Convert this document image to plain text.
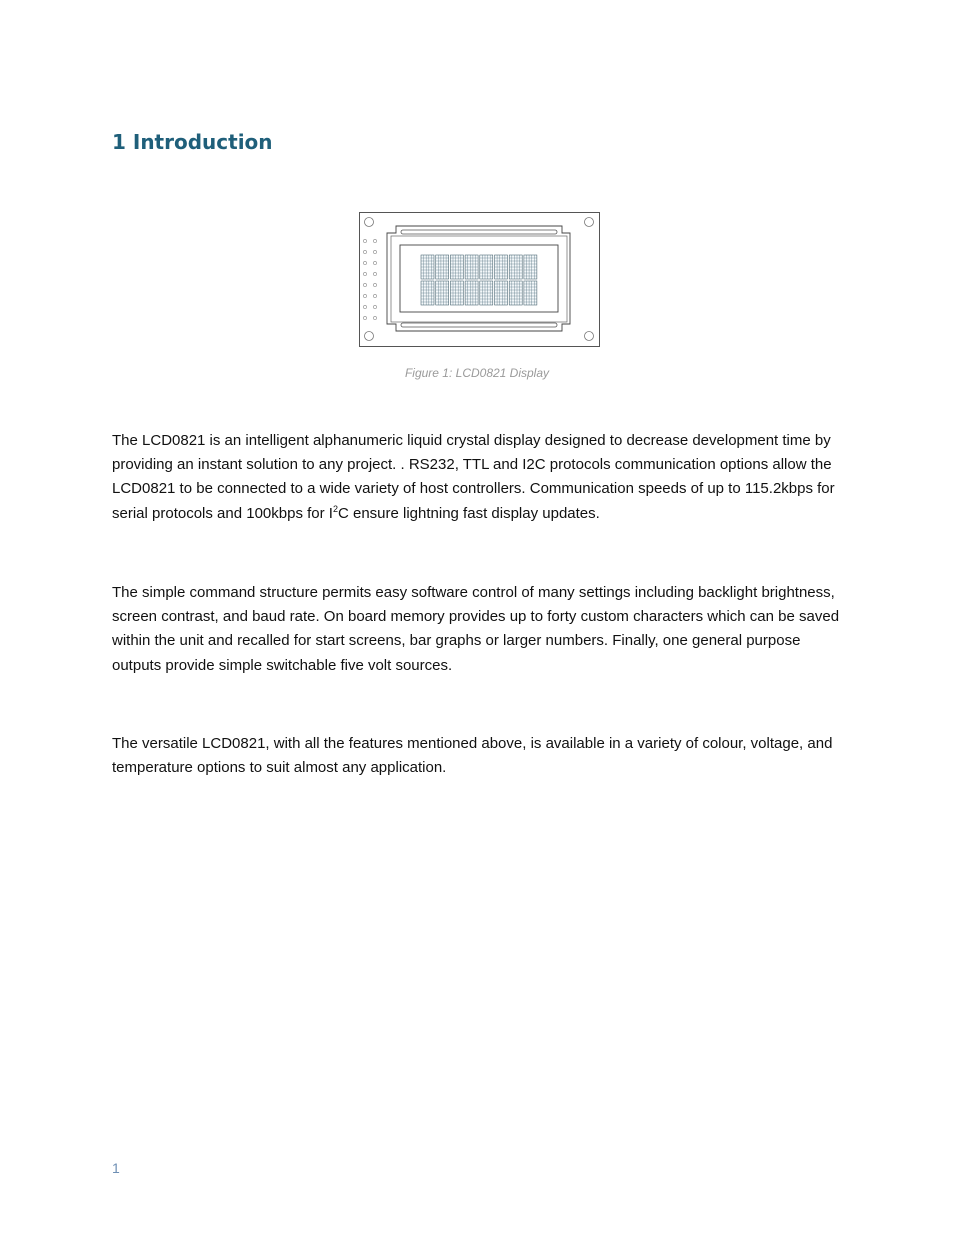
1 Introduction
Figure 1: LCD0821 Display

The LCD0821 is an intelligent alphanumeric liquid crystal display designed to decrease development time by providing an instant solution to any project. . RS232, TTL and I2C protocols communication options allow the LCD0821 to be connected to a wide variety of host controllers. Communication speeds of up to 115.2kbps for serial protocols and 100kbps for $I^2C$ ensure lightning fast display updates.

The simple command structure permits easy software control of many settings including backlight brightness, screen contrast, and baud rate. On board memory provides up to forty custom characters which can be saved within the unit and recalled for start screens, bar graphs or larger numbers. Finally, one general purpose outputs provide simple switchable five volt sources.

The versatile LCD0821, with all the features mentioned above, is available in a variety of colour, voltage, and temperature options to suit almost any application.

1
